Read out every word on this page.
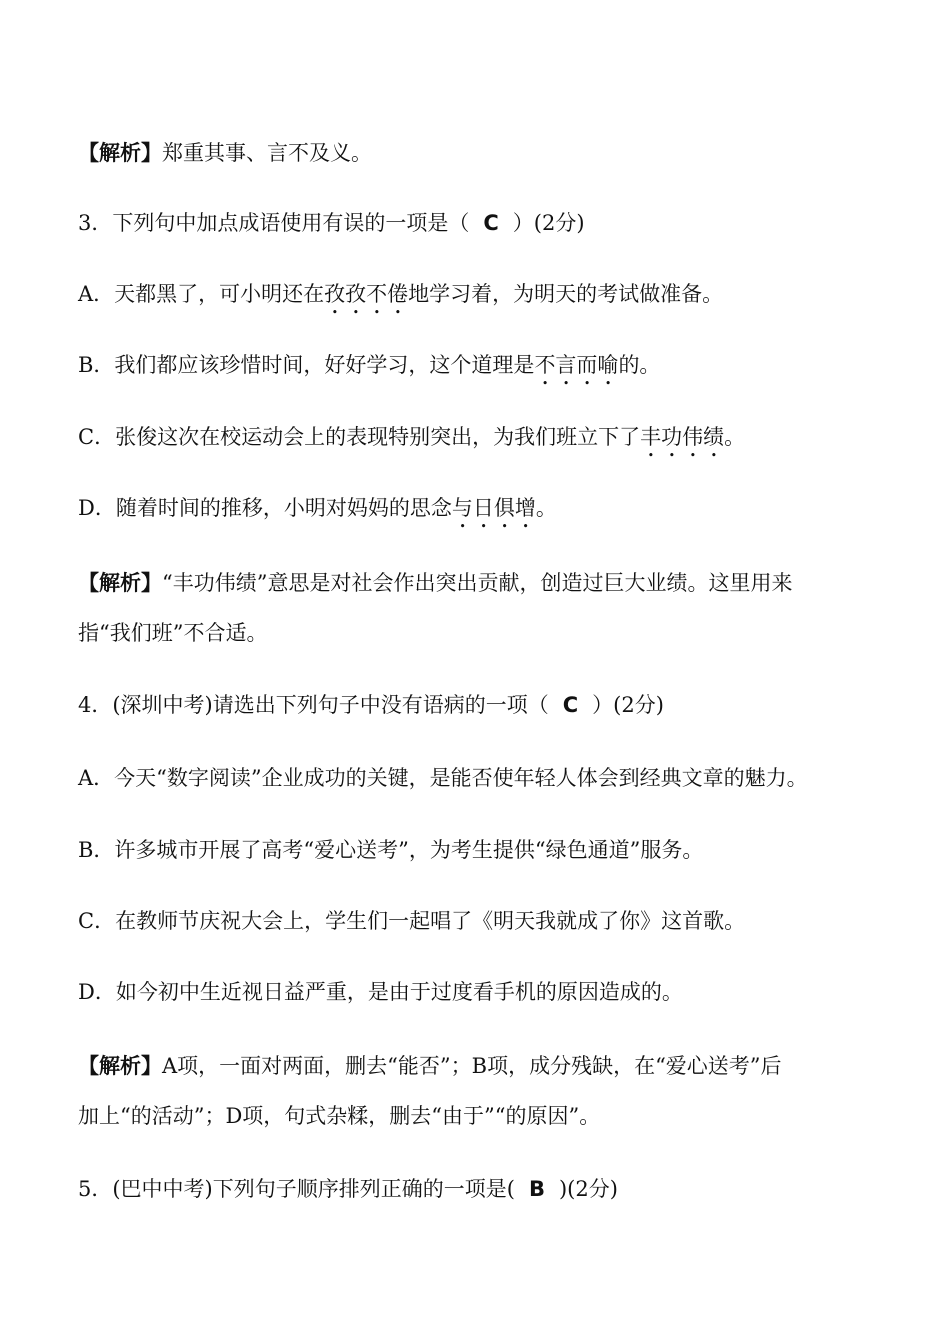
【解析】郑重其事、言不及义。
3．下列句中加点成语使用有误的一项是（ C ）(2分)
A．天都黑了，可小明还在孜孜不倦地学习着，为明天的考试做准备。
B．我们都应该珍惜时间，好好学习，这个道理是不言而喻的。
C．张俊这次在校运动会上的表现特别突出，为我们班立下了丰功伟绩。
D．随着时间的推移，小明对妈妈的思念与日俱增。
【解析】“丰功伟绩”意思是对社会作出突出贡献，创造过巨大业绩。这里用来
指“我们班”不合适。
4．(深圳中考)请选出下列句子中没有语病的一项（ C ）(2分)
A．今天“数字阅读”企业成功的关键，是能否使年轻人体会到经典文章的魅力。
B．许多城市开展了高考“爱心送考”，为考生提供“绿色通道”服务。
C．在教师节庆祝大会上，学生们一起唱了《明天我就成了你》这首歌。
D．如今初中生近视日益严重，是由于过度看手机的原因造成的。
【解析】A项，一面对两面，删去“能否”；B项，成分残缺，在“爱心送考”后
加上“的活动”；D项，句式杂糅，删去“由于”“的原因”。
5．(巴中中考)下列句子顺序排列正确的一项是( B )(2分)
